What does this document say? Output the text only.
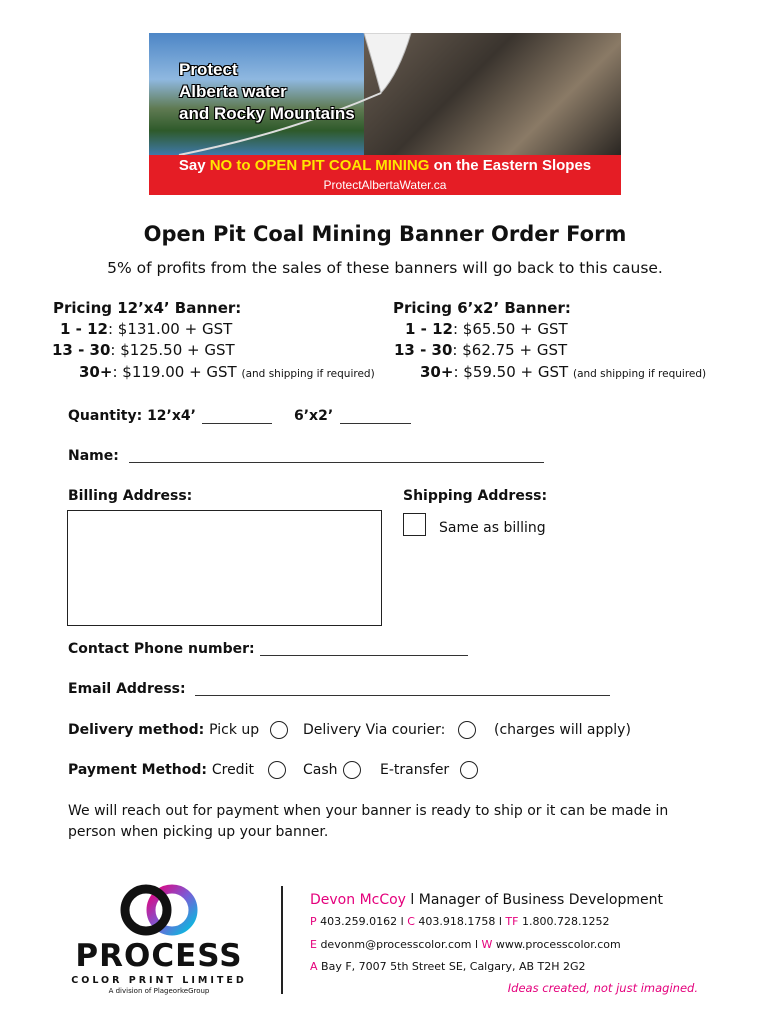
Protect
Alberta water
and Rocky Mountains
Say NO to OPEN PIT COAL MINING on the Eastern Slopes
ProtectAlbertaWater.ca
Open Pit Coal Mining Banner Order Form
5% of profits from the sales of these banners will go back to this cause.
Pricing 12’x4’ Banner:
1 - 12: $131.00 + GST
13 - 30: $125.50 + GST
30+: $119.00 + GST (and shipping if required)
Pricing 6’x2’ Banner:
1 - 12: $65.50 + GST
13 - 30: $62.75 + GST
30+: $59.50 + GST (and shipping if required)
Quantity: 12’x4’	6’x2’
Name:
Billing Address:	Shipping Address:
Same as billing
Contact Phone number:
Email Address:
Delivery method: Pick up	Delivery Via courier:	(charges will apply)
Payment Method: Credit	Cash	E-transfer
We will reach out for payment when your banner is ready to ship or it can be made in person when picking up your banner.
PROCESS
COLOR PRINT LIMITED
A division of PlageorkeGroup
Devon McCoy l Manager of Business Development
P 403.259.0162 l C 403.918.1758 l TF 1.800.728.1252
E devonm@processcolor.com l W www.processcolor.com
A Bay F, 7007 5th Street SE, Calgary, AB T2H 2G2
Ideas created, not just imagined.
